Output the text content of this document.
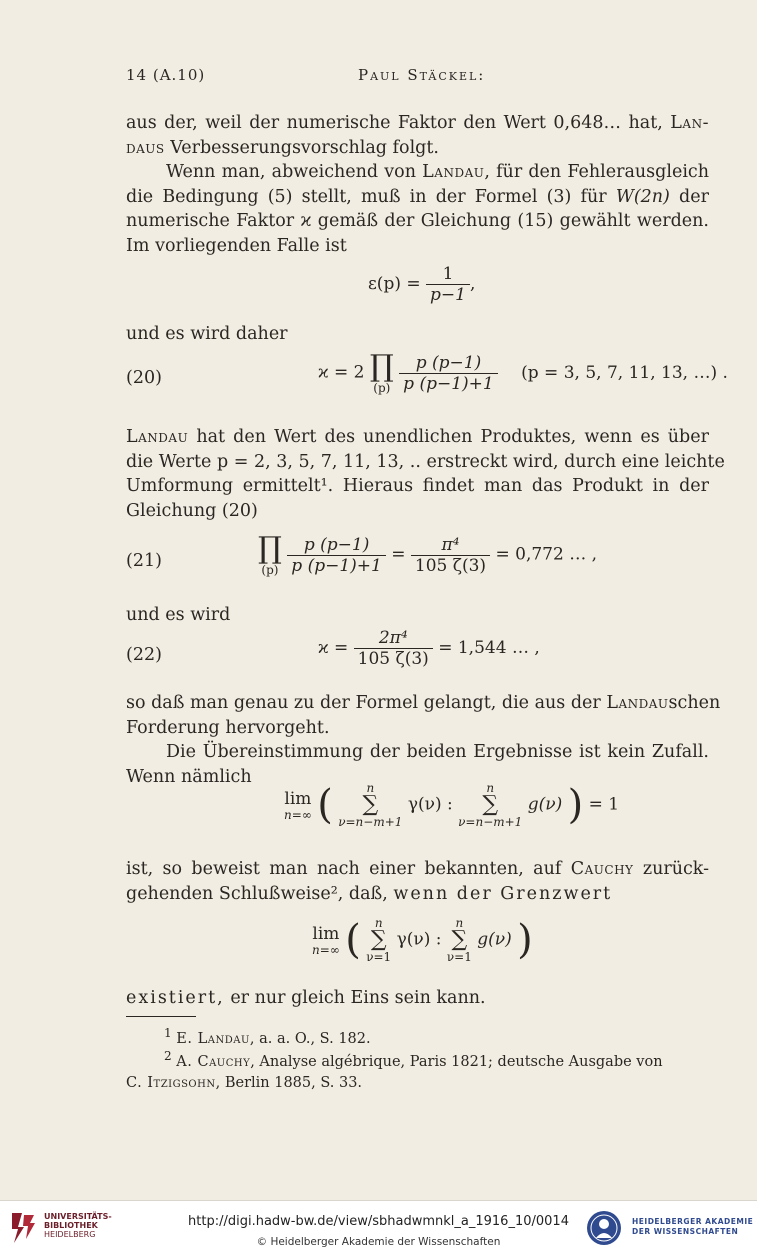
14 (A.10)	Paul Stäckel:
aus der, weil der numerische Faktor den Wert 0,648… hat, Lan-
daus Verbesserungsvorschlag folgt.
Wenn man, abweichend von Landau, für den Fehlerausgleich
die Bedingung (5) stellt, muß in der Formel (3) für W(2n) der
numerische Faktor ϰ gemäß der Gleichung (15) gewählt werden.
Im vorliegenden Falle ist
$\varepsilon(p) = \frac{1}{p-1}$ ,
und es wird daher
(20)	ϰ = 2 ∏
(p)
$\frac{p (p-1)}{p (p-1)+1} (p = 3$, 5, 7, 11, 13, …) .
Landau hat den Wert des unendlichen Produktes, wenn es über
die Werte p = 2, 3, 5, 7, 11, 13, .. erstreckt wird, durch eine leichte
Umformung ermittelt¹. Hieraus findet man das Produkt in der
Gleichung (20)
(21)	∏
(p)
$\frac{p (p-1)}{p (p-1)+1} = \frac{\text{π⁴}}{105 \zeta(3)} = 0,772$ … ,
und es wird
(22)	$ϰ = \frac{\text{2π⁴}}{105 \zeta(3)} = 1,544$ … ,
so daß man genau zu der Formel gelangt, die aus der Landauschen
Forderung hervorgeht.
Die Übereinstimmung der beiden Ergebnisse ist kein Zufall.
Wenn nämlich
lim
n=∞ (	n
∑
ν=n−m+1
γ(ν) :
n
∑
ν=n−m+1
g(ν) ) = 1
ist, so beweist man nach einer bekannten, auf Cauchy zurück-
gehenden Schlußweise², daß, wenn der Grenzwert
lim
n=∞ (	n
∑
ν=1
γ(ν) :
n
∑
ν=1
g(ν) )
existiert, er nur gleich Eins sein kann.
$^1$ E. Landau, a. a. O., S. 182.
$^2$ A. Cauchy, Analyse algébrique, Paris 1821; deutsche Ausgabe von
C. Itzigsohn, Berlin 1885, S. 33.
UNIVERSITÄTS-
BIBLIOTHEK
HEIDELBERG
http://digi.hadw-bw.de/view/sbhadwmnkl_a_1916_10/0014
© Heidelberger Akademie der Wissenschaften
HEIDELBERGER AKADEMIE
DER WISSENSCHAFTEN
